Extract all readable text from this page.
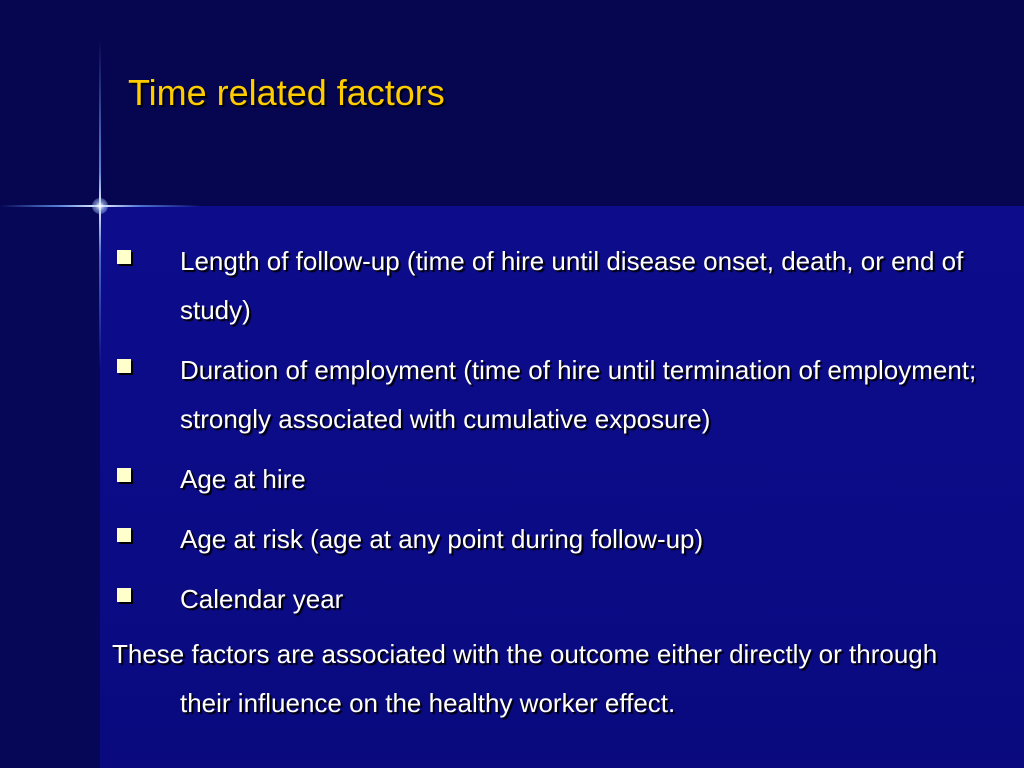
Time related factors
Length of follow-up (time of hire until disease onset, death, or end of study)
Duration of employment (time of hire until termination of employment; strongly associated with cumulative exposure)
Age at hire
Age at risk (age at any point during follow-up)
Calendar year

These factors are associated with the outcome either directly or through their influence on the healthy worker effect.
